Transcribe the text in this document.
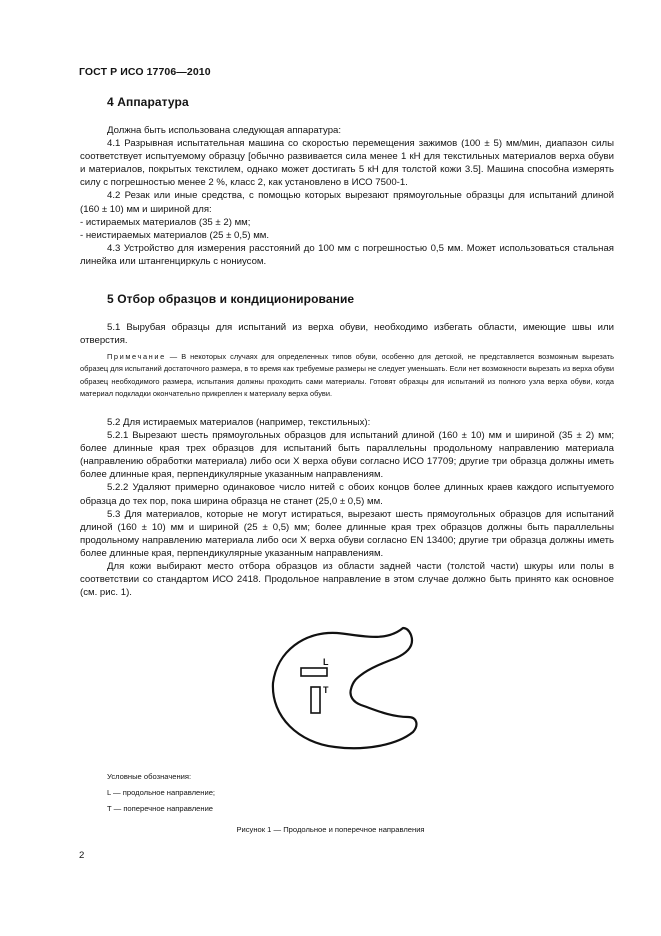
ГОСТ Р ИСО 17706—2010
4 Аппаратура

Должна быть использована следующая аппаратура:

4.1 Разрывная испытательная машина со скоростью перемещения зажимов (100 ± 5) мм/мин, диапазон силы соответствует испытуемому образцу [обычно развивается сила менее 1 кН для текстильных материалов верха обуви и материалов, покрытых текстилем, однако может достигать 5 кН для толстой кожи 3.5]. Машина способна измерять силу с погрешностью менее 2 %, класс 2, как установлено в ИСО 7500-1.

4.2 Резак или иные средства, с помощью которых вырезают прямоугольные образцы для испытаний длиной (160 ± 10) мм и шириной для:

- истираемых материалов (35 ± 2) мм;

- неистираемых материалов (25 ± 0,5) мм.

4.3 Устройство для измерения расстояний до 100 мм с погрешностью 0,5 мм. Может использоваться стальная линейка или штангенциркуль с нониусом.

5 Отбор образцов и кондиционирование

5.1 Вырубая образцы для испытаний из верха обуви, необходимо избегать области, имеющие швы или отверстия.

Примечание — В некоторых случаях для определенных типов обуви, особенно для детской, не представляется возможным вырезать образец для испытаний достаточного размера, в то время как требуемые размеры не следует уменьшать. Если нет возможности вырезать из верха обуви образец необходимого размера, испытания должны проходить сами материалы. Готовят образцы для испытаний из полного узла верха обуви, когда материал подкладки окончательно прикреплен к материалу верха обуви.

5.2 Для истираемых материалов (например, текстильных):

5.2.1 Вырезают шесть прямоугольных образцов для испытаний длиной (160 ± 10) мм и шириной (35 ± 2) мм; более длинные края трех образцов для испытаний быть параллельны продольному направлению материала (направлению обработки материала) либо оси X верха обуви согласно ИСО 17709; другие три образца должны иметь более длинные края, перпендикулярные указанным направлениям.

5.2.2 Удаляют примерно одинаковое число нитей с обоих концов более длинных краев каждого испытуемого образца до тех пор, пока ширина образца не станет (25,0 ± 0,5) мм.

5.3 Для материалов, которые не могут истираться, вырезают шесть прямоугольных образцов для испытаний длиной (160 ± 10) мм и шириной (25 ± 0,5) мм; более длинные края трех образцов должны быть параллельны продольному направлению материала либо оси X верха обуви согласно EN 13400; другие три образца должны иметь более длинные края, перпендикулярные указанным направлениям.

Для кожи выбирают место отбора образцов из области задней части (толстой части) шкуры или полы в соответствии со стандартом ИСО 2418. Продольное направление в этом случае должно быть принято как основное (см. рис. 1).

L
T
Условные обозначения:
L — продольное направление;
T — поперечное направление
Рисунок 1 — Продольное и поперечное направления
2
